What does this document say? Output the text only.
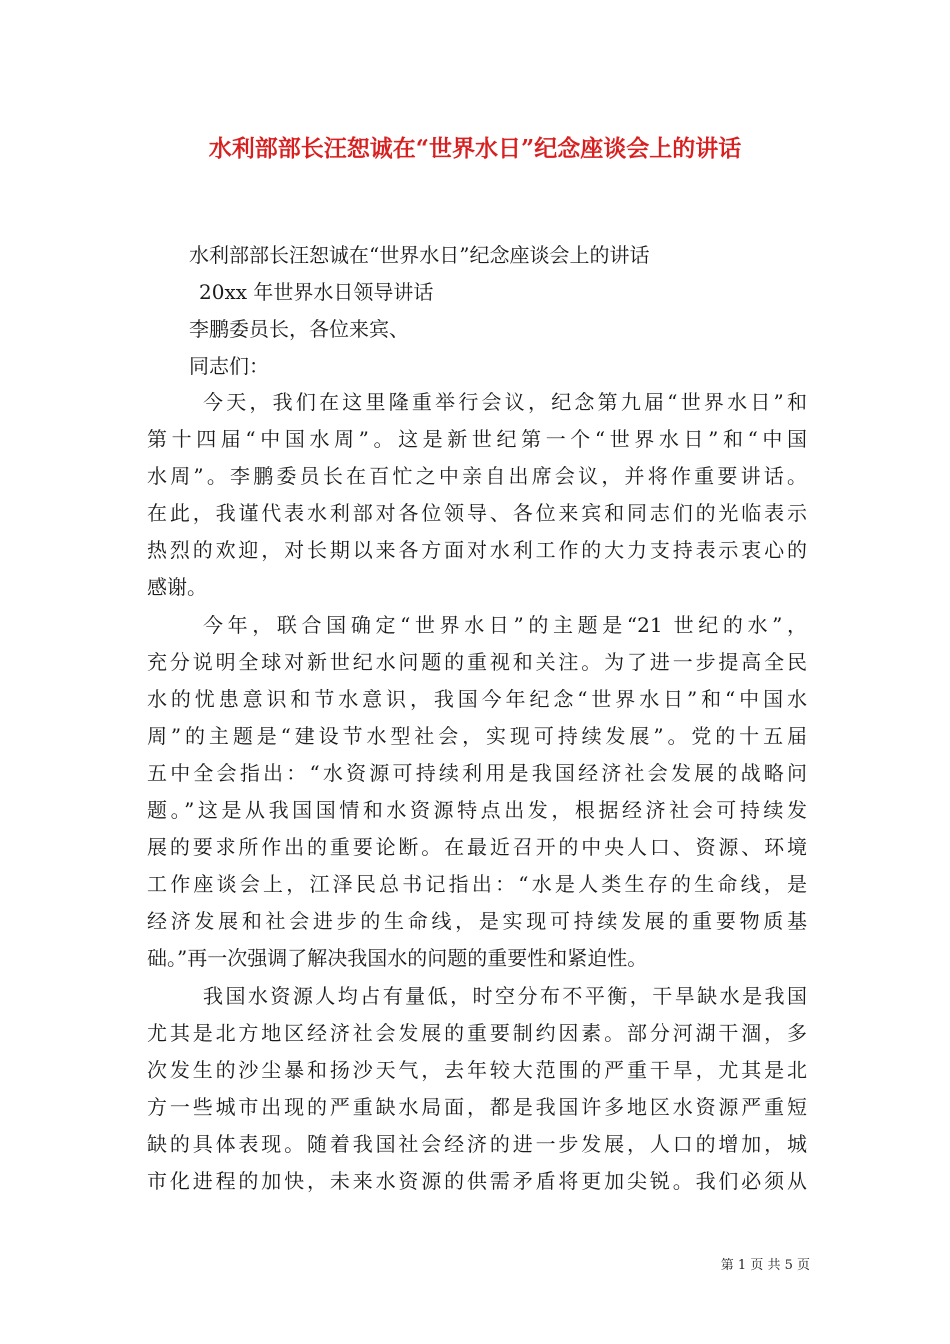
水利部部长汪恕诚在“世界水日”纪念座谈会上的讲话
水利部部长汪恕诚在“世界水日”纪念座谈会上的讲话
20xx 年世界水日领导讲话
李鹏委员长，各位来宾、
同志们：
今天，我们在这里隆重举行会议，纪念第九届“世界水日”和
第十四届“中国水周”。这是新世纪第一个“世界水日”和“中国
水周”。李鹏委员长在百忙之中亲自出席会议，并将作重要讲话。
在此，我谨代表水利部对各位领导、各位来宾和同志们的光临表示
热烈的欢迎，对长期以来各方面对水利工作的大力支持表示衷心的
感谢。
今年，联合国确定“世界水日”的主题是“21 世纪的水”，
充分说明全球对新世纪水问题的重视和关注。为了进一步提高全民
水的忧患意识和节水意识，我国今年纪念“世界水日”和“中国水
周”的主题是“建设节水型社会，实现可持续发展”。党的十五届
五中全会指出：“水资源可持续利用是我国经济社会发展的战略问
题。”这是从我国国情和水资源特点出发，根据经济社会可持续发
展的要求所作出的重要论断。在最近召开的中央人口、资源、环境
工作座谈会上，江泽民总书记指出：“水是人类生存的生命线，是
经济发展和社会进步的生命线，是实现可持续发展的重要物质基
础。”再一次强调了解决我国水的问题的重要性和紧迫性。
我国水资源人均占有量低，时空分布不平衡，干旱缺水是我国
尤其是北方地区经济社会发展的重要制约因素。部分河湖干涸，多
次发生的沙尘暴和扬沙天气，去年较大范围的严重干旱，尤其是北
方一些城市出现的严重缺水局面，都是我国许多地区水资源严重短
缺的具体表现。随着我国社会经济的进一步发展，人口的增加，城
市化进程的加快，未来水资源的供需矛盾将更加尖锐。我们必须从
第 1 页 共 5 页
